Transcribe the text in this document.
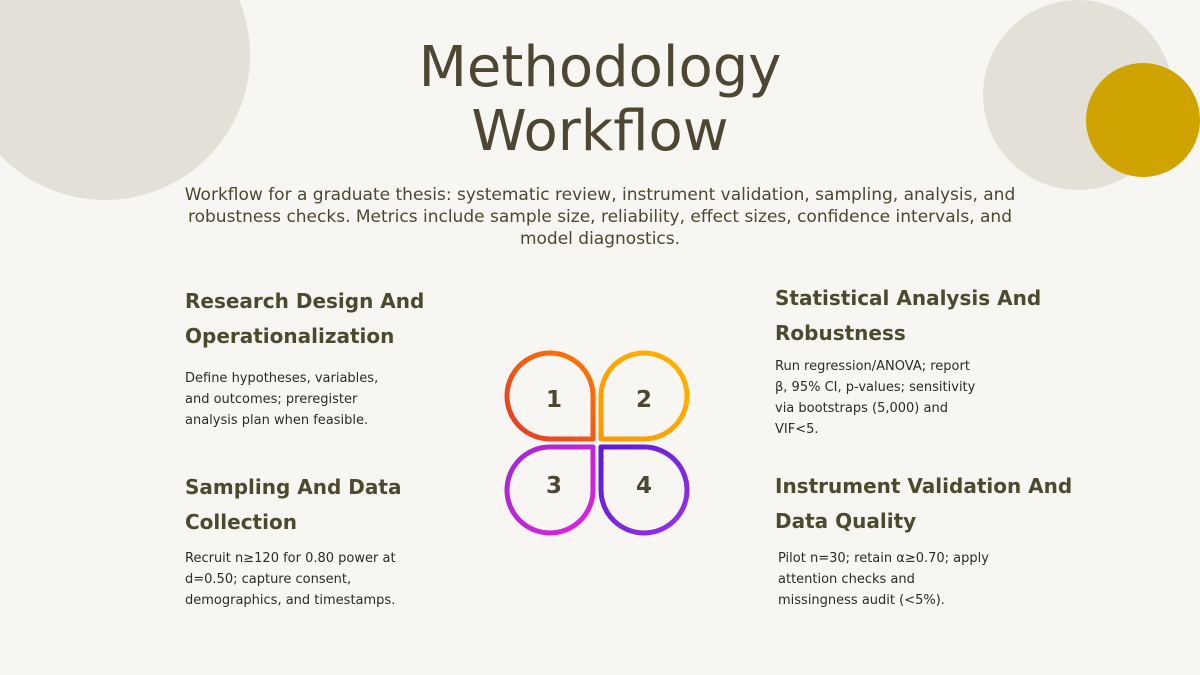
Methodology Workflow

Workflow for a graduate thesis: systematic review, instrument validation, sampling, analysis, and robustness checks. Metrics include sample size, reliability, effect sizes, confidence intervals, and model diagnostics.

Research Design And Operationalization

Define hypotheses, variables, and outcomes; preregister analysis plan when feasible.

Statistical Analysis And Robustness

Run regression/ANOVA; report β, 95% CI, p-values; sensitivity via bootstraps (5,000) and VIF<5.

Sampling And Data Collection

Recruit n≥120 for 0.80 power at d=0.50; capture consent, demographics, and timestamps.

Instrument Validation And Data Quality

Pilot n=30; retain α≥0.70; apply attention checks and missingness audit (<5%).

1	2
3	4
